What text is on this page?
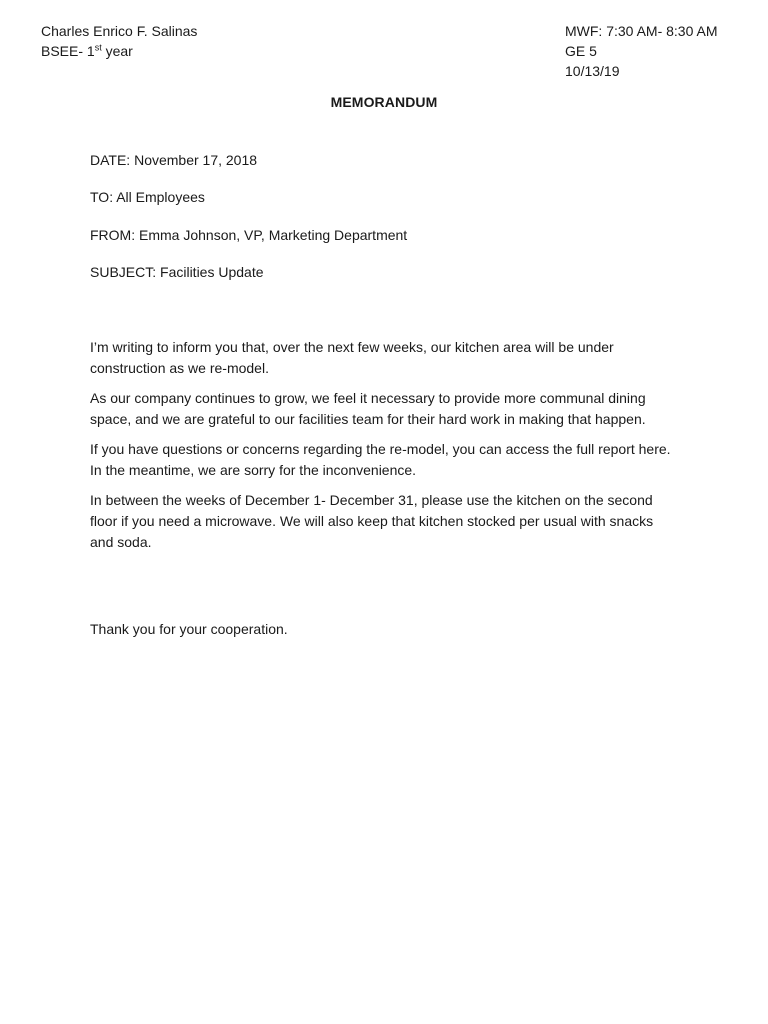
Charles Enrico F. Salinas
BSEE- 1st year
MWF: 7:30 AM- 8:30 AM
GE 5
10/13/19
MEMORANDUM
DATE: November 17, 2018
TO: All Employees
FROM: Emma Johnson, VP, Marketing Department
SUBJECT: Facilities Update

I’m writing to inform you that, over the next few weeks, our kitchen area will be under construction as we re-model.

As our company continues to grow, we feel it necessary to provide more communal dining space, and we are grateful to our facilities team for their hard work in making that happen.

If you have questions or concerns regarding the re-model, you can access the full report here. In the meantime, we are sorry for the inconvenience.

In between the weeks of December 1- December 31, please use the kitchen on the second floor if you need a microwave. We will also keep that kitchen stocked per usual with snacks and soda.

Thank you for your cooperation.
